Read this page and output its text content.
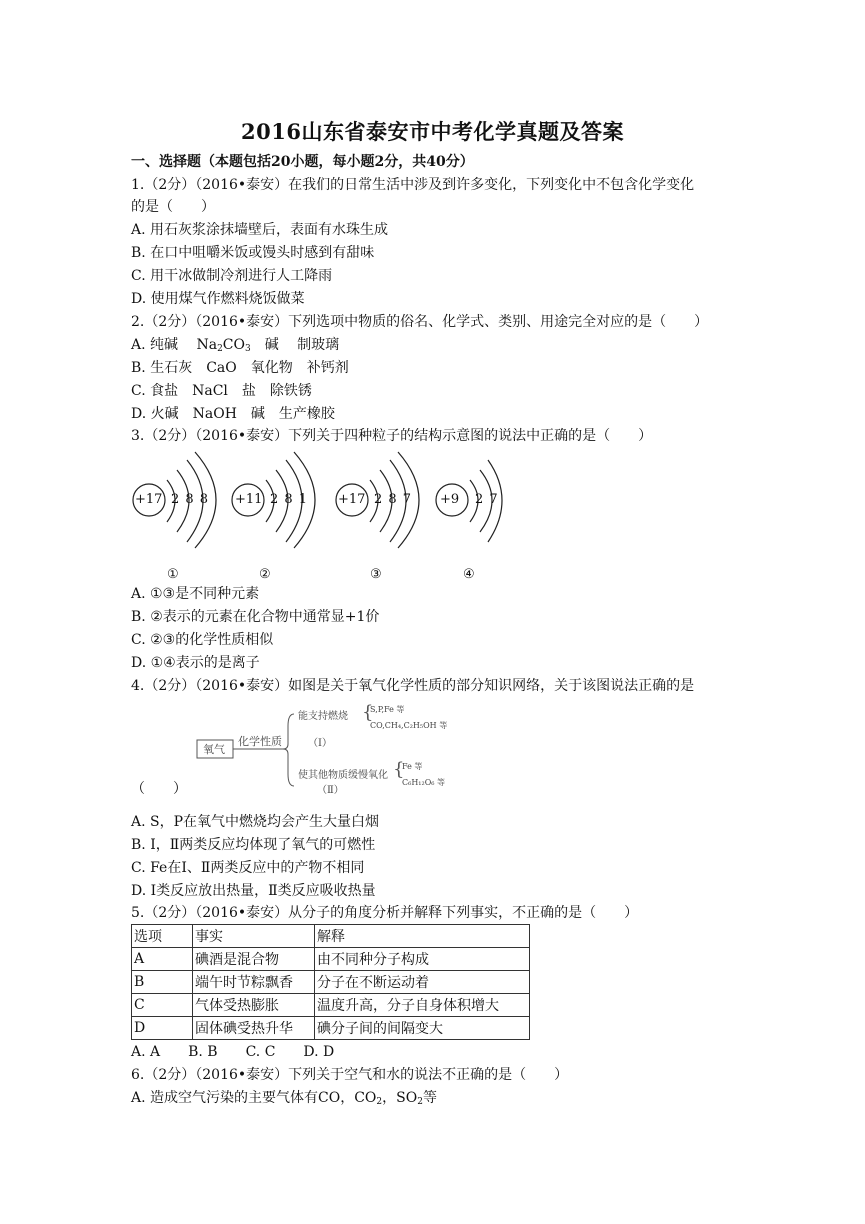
2016山东省泰安市中考化学真题及答案
一、选择题（本题包括20小题，每小题2分，共40分）
1.（2分）（2016•泰安）在我们的日常生活中涉及到许多变化，下列变化中不包含化学变化
的是（　　）
A. 用石灰浆涂抹墙壁后，表面有水珠生成
B. 在口中咀嚼米饭或馒头时感到有甜味
C. 用干冰做制冷剂进行人工降雨
D. 使用煤气作燃料烧饭做菜
2.（2分）（2016•泰安）下列选项中物质的俗名、化学式、类别、用途完全对应的是（　　）
A. 纯碱　 $Na_2CO_3$　碱　 制玻璃
B. 生石灰　CaO　氧化物　补钙剂
C. 食盐　NaCl　盐　除铁锈
D. 火碱　NaOH　碱　生产橡胶
3.（2分）（2016•泰安）下列关于四种粒子的结构示意图的说法中正确的是（　　）
+17 2 8 8
①
+11 2 8 1
②
+17 2 8 7
③
+9 2 7
④
A. ①③是不同种元素
B. ②表示的元素在化合物中通常显+1价
C. ②③的化学性质相似
D. ①④表示的是离子
4.（2分）（2016•泰安）如图是关于氧气化学性质的部分知识网络，关于该图说法正确的是
氧气
化学性质
能支持燃烧
（Ⅰ）
{
S,P,Fe 等
CO,CH₄,C₂H₅OH 等
使其他物质缓慢氧化
（Ⅱ）
{
Fe 等
C₆H₁₂O₆ 等
（　　）
A. S，P在氧气中燃烧均会产生大量白烟
B. Ⅰ，Ⅱ两类反应均体现了氧气的可燃性
C. Fe在Ⅰ、Ⅱ两类反应中的产物不相同
D. Ⅰ类反应放出热量，Ⅱ类反应吸收热量
5.（2分）（2016•泰安）从分子的角度分析并解释下列事实，不正确的是（　　）
选项	事实	解释
A	碘酒是混合物	由不同种分子构成
B	端午时节粽飘香	分子在不断运动着
C	气体受热膨胀	温度升高，分子自身体积增大
D	固体碘受热升华	碘分子间的间隔变大
A. A　　B. B　　C. C　　D. D
6.（2分）（2016•泰安）下列关于空气和水的说法不正确的是（　　）
A. 造成空气污染的主要气体有CO，$CO_2$，$SO_2$等
